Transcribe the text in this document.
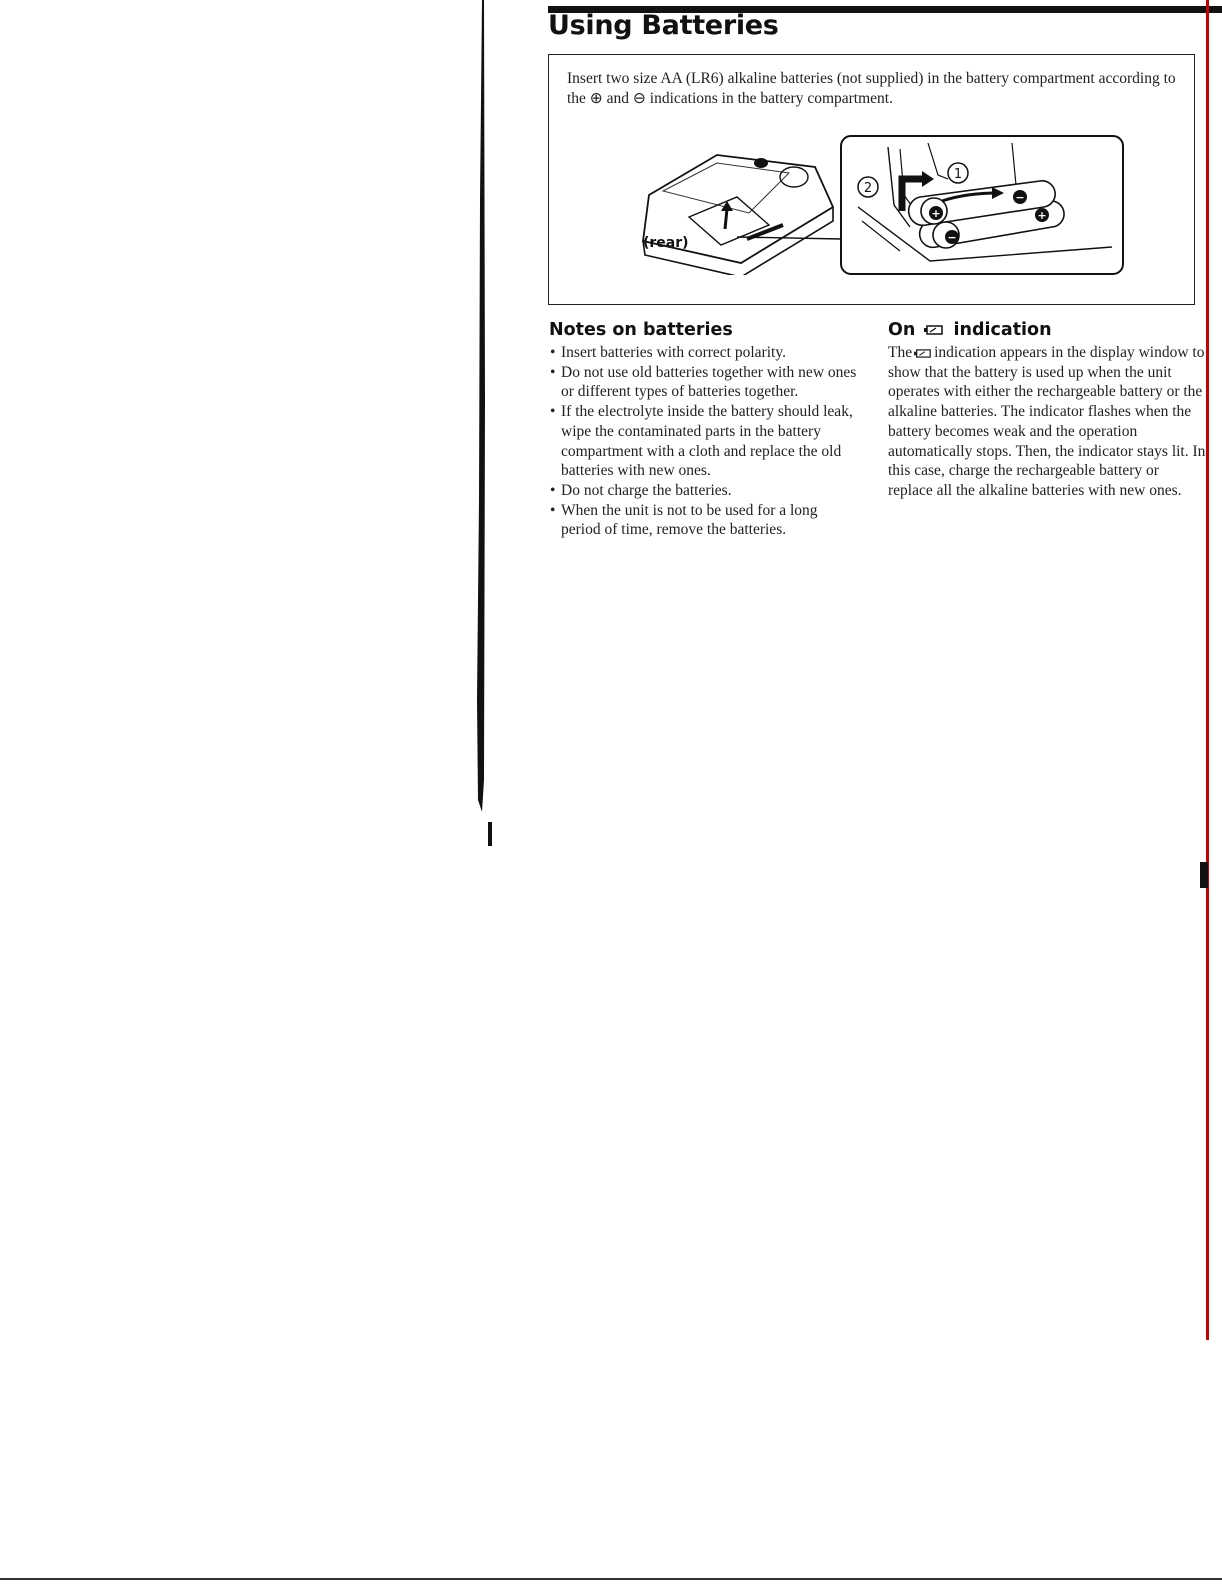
Using Batteries

Insert two size AA (LR6) alkaline batteries (not supplied) in the battery compartment according to the ⊕ and ⊖ indications in the battery compartment.

(rear)
+
−
−
+
1
2
Notes on batteries
• Insert batteries with correct polarity.
• Do not use old batteries together with new ones or different types of batteries together.
• If the electrolyte inside the battery should leak, wipe the contaminated parts in the battery compartment with a cloth and replace the old batteries with new ones.
• Do not charge the batteries.
• When the unit is not to be used for a long period of time, remove the batteries.
On indication

The indication appears in the display window to show that the battery is used up when the unit operates with either the rechargeable battery or the alkaline batteries. The indicator flashes when the battery becomes weak and the operation automatically stops. Then, the indicator stays lit. In this case, charge the rechargeable battery or replace all the alkaline batteries with new ones.
